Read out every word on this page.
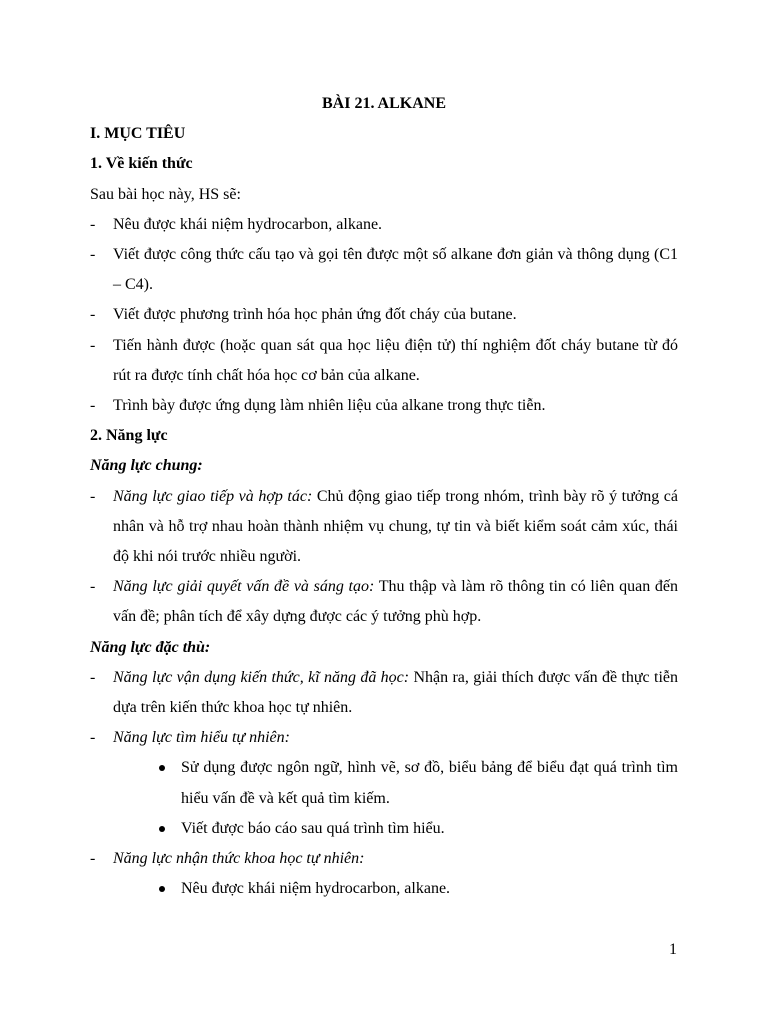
BÀI 21. ALKANE
I. MỤC TIÊU
1. Về kiến thức
Sau bài học này, HS sẽ:
- Nêu được khái niệm hydrocarbon, alkane.
- Viết được công thức cấu tạo và gọi tên được một số alkane đơn giản và thông dụng (C1 – C4).
- Viết được phương trình hóa học phản ứng đốt cháy của butane.
- Tiến hành được (hoặc quan sát qua học liệu điện tử) thí nghiệm đốt cháy butane từ đó rút ra được tính chất hóa học cơ bản của alkane.
- Trình bày được ứng dụng làm nhiên liệu của alkane trong thực tiễn.
2. Năng lực
Năng lực chung:
- Năng lực giao tiếp và hợp tác: Chủ động giao tiếp trong nhóm, trình bày rõ ý tưởng cá nhân và hỗ trợ nhau hoàn thành nhiệm vụ chung, tự tin và biết kiểm soát cảm xúc, thái độ khi nói trước nhiều người.
- Năng lực giải quyết vấn đề và sáng tạo: Thu thập và làm rõ thông tin có liên quan đến vấn đề; phân tích để xây dựng được các ý tưởng phù hợp.
Năng lực đặc thù:
- Năng lực vận dụng kiến thức, kĩ năng đã học: Nhận ra, giải thích được vấn đề thực tiễn dựa trên kiến thức khoa học tự nhiên.
- Năng lực tìm hiểu tự nhiên:
Sử dụng được ngôn ngữ, hình vẽ, sơ đồ, biểu bảng để biểu đạt quá trình tìm hiểu vấn đề và kết quả tìm kiếm.
Viết được báo cáo sau quá trình tìm hiểu.
- Năng lực nhận thức khoa học tự nhiên:
Nêu được khái niệm hydrocarbon, alkane.
1
